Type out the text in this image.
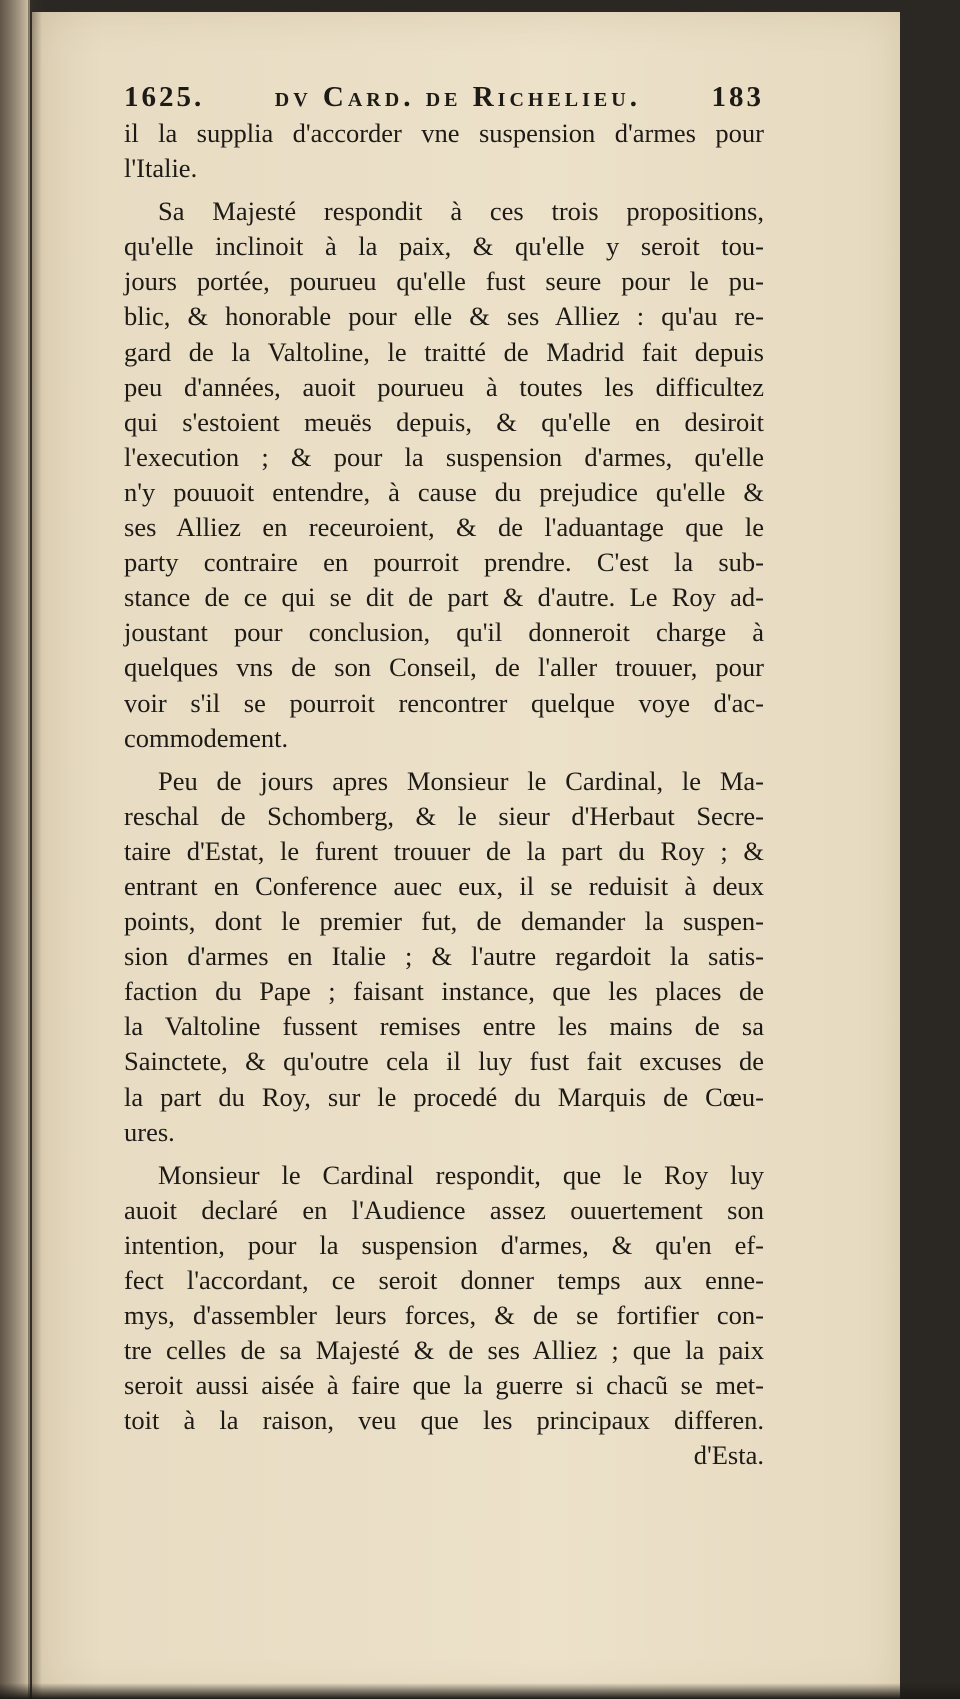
1625. dv Card. de Richelieu. 183
il la supplia d'accorder vne suspension d'armes pour
l'Italie.
Sa Majesté respondit à ces trois propositions,
qu'elle inclinoit à la paix, & qu'elle y seroit tou-
jours portée, pourueu qu'elle fust seure pour le pu-
blic, & honorable pour elle & ses Alliez : qu'au re-
gard de la Valtoline, le traitté de Madrid fait depuis
peu d'années, auoit pourueu à toutes les difficultez
qui s'estoient meuës depuis, & qu'elle en desiroit
l'execution ; & pour la suspension d'armes, qu'elle
n'y pouuoit entendre, à cause du prejudice qu'elle &
ses Alliez en receuroient, & de l'aduantage que le
party contraire en pourroit prendre. C'est la sub-
stance de ce qui se dit de part & d'autre. Le Roy ad-
joustant pour conclusion, qu'il donneroit charge à
quelques vns de son Conseil, de l'aller trouuer, pour
voir s'il se pourroit rencontrer quelque voye d'ac-
commodement.
Peu de jours apres Monsieur le Cardinal, le Ma-
reschal de Schomberg, & le sieur d'Herbaut Secre-
taire d'Estat, le furent trouuer de la part du Roy ; &
entrant en Conference auec eux, il se reduisit à deux
points, dont le premier fut, de demander la suspen-
sion d'armes en Italie ; & l'autre regardoit la satis-
faction du Pape ; faisant instance, que les places de
la Valtoline fussent remises entre les mains de sa
Sainctete, & qu'outre cela il luy fust fait excuses de
la part du Roy, sur le procedé du Marquis de Cœu-
ures.
Monsieur le Cardinal respondit, que le Roy luy
auoit declaré en l'Audience assez ouuertement son
intention, pour la suspension d'armes, & qu'en ef-
fect l'accordant, ce seroit donner temps aux enne-
mys, d'assembler leurs forces, & de se fortifier con-
tre celles de sa Majesté & de ses Alliez ; que la paix
seroit aussi aisée à faire que la guerre si chacũ se met-
toit à la raison, veu que les principaux differen.
d'Esta.
